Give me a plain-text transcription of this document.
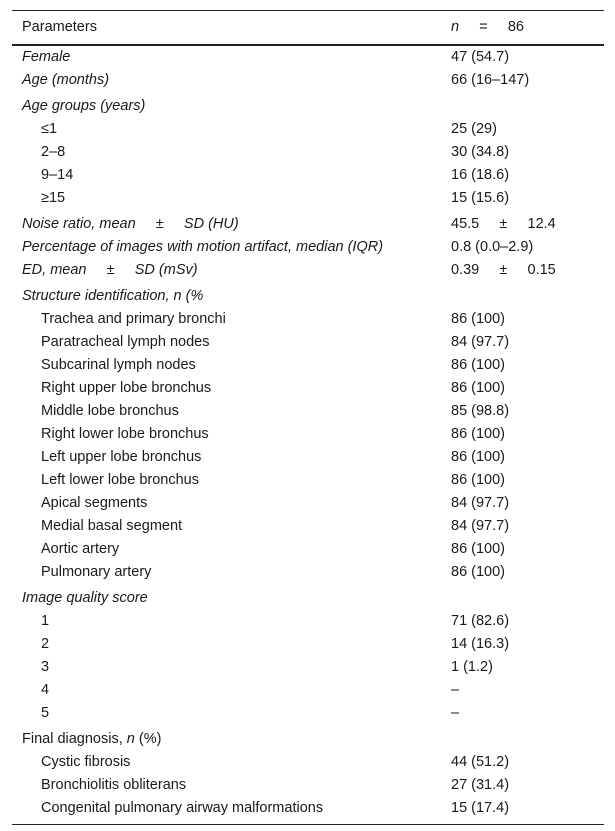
Parameters	n = 86
Female	47 (54.7)
Age (months)	66 (16–147)
Age groups (years)
≤1	25 (29)
2–8	30 (34.8)
9–14	16 (18.6)
≥15	15 (15.6)
Noise ratio, mean ± SD (HU)	45.5 ± 12.4
Percentage of images with motion artifact, median (IQR)	0.8 (0.0–2.9)
ED, mean ± SD (mSv)	0.39 ± 0.15
Structure identification, n (%
Trachea and primary bronchi	86 (100)
Paratracheal lymph nodes	84 (97.7)
Subcarinal lymph nodes	86 (100)
Right upper lobe bronchus	86 (100)
Middle lobe bronchus	85 (98.8)
Right lower lobe bronchus	86 (100)
Left upper lobe bronchus	86 (100)
Left lower lobe bronchus	86 (100)
Apical segments	84 (97.7)
Medial basal segment	84 (97.7)
Aortic artery	86 (100)
Pulmonary artery	86 (100)
Image quality score
1	71 (82.6)
2	14 (16.3)
3	1 (1.2)
4	–
5	–
Final diagnosis, n (%)
Cystic fibrosis	44 (51.2)
Bronchiolitis obliterans	27 (31.4)
Congenital pulmonary airway malformations	15 (17.4)
